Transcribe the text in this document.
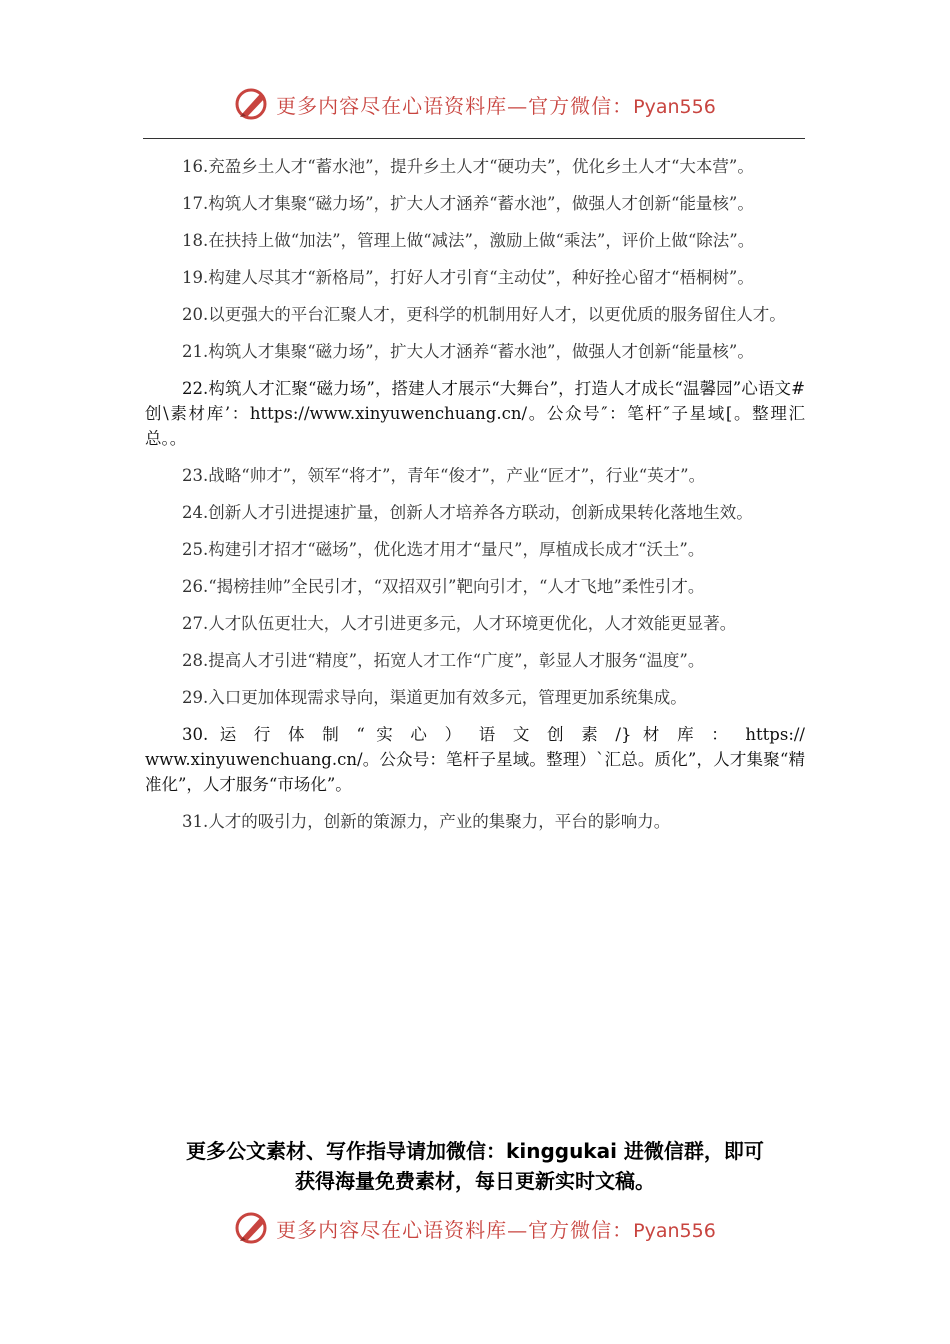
更多内容尽在心语资料库—官方微信：Pyan556

16.充盈乡土人才“蓄水池”，提升乡土人才“硬功夫”，优化乡土人才“大本营”。

17.构筑人才集聚“磁力场”，扩大人才涵养“蓄水池”，做强人才创新“能量核”。

18.在扶持上做“加法”，管理上做“减法”，激励上做“乘法”，评价上做“除法”。

19.构建人尽其才“新格局”，打好人才引育“主动仗”，种好拴心留才“梧桐树”。

20.以更强大的平台汇聚人才，更科学的机制用好人才，以更优质的服务留住人才。

21.构筑人才集聚“磁力场”，扩大人才涵养“蓄水池”，做强人才创新“能量核”。

22.构筑人才汇聚“磁力场”，搭建人才展示“大舞台”，打造人才成长“温馨园”心语文#创\素材库’：https://www.xinyuwenchuang.cn/。公众号″：笔杆″子星域[。整理汇总。。

23.战略“帅才”，领军“将才”，青年“俊才”，产业“匠才”，行业“英才”。

24.创新人才引进提速扩量，创新人才培养各方联动，创新成果转化落地生效。

25.构建引才招才“磁场”，优化选才用才“量尺”，厚植成长成才“沃土”。

26.“揭榜挂帅”全民引才，“双招双引”靶向引才，“人才飞地”柔性引才。

27.人才队伍更壮大，人才引进更多元，人才环境更优化，人才效能更显著。

28.提高人才引进“精度”，拓宽人才工作“广度”，彰显人才服务“温度”。

29.入口更加体现需求导向，渠道更加有效多元，管理更加系统集成。

30. 运 行 体 制 “ 实 心 ） 语 文 创 素 /} 材 库 ： https:// www.xinyuwenchuang.cn/。公众号：笔杆子星域。整理）`汇总。质化”，人才集聚“精准化”，人才服务“市场化”。

31.人才的吸引力，创新的策源力，产业的集聚力，平台的影响力。

更多公文素材、写作指导请加微信：kinggukai 进微信群，即可
获得海量免费素材，每日更新实时文稿。
更多内容尽在心语资料库—官方微信：Pyan556
